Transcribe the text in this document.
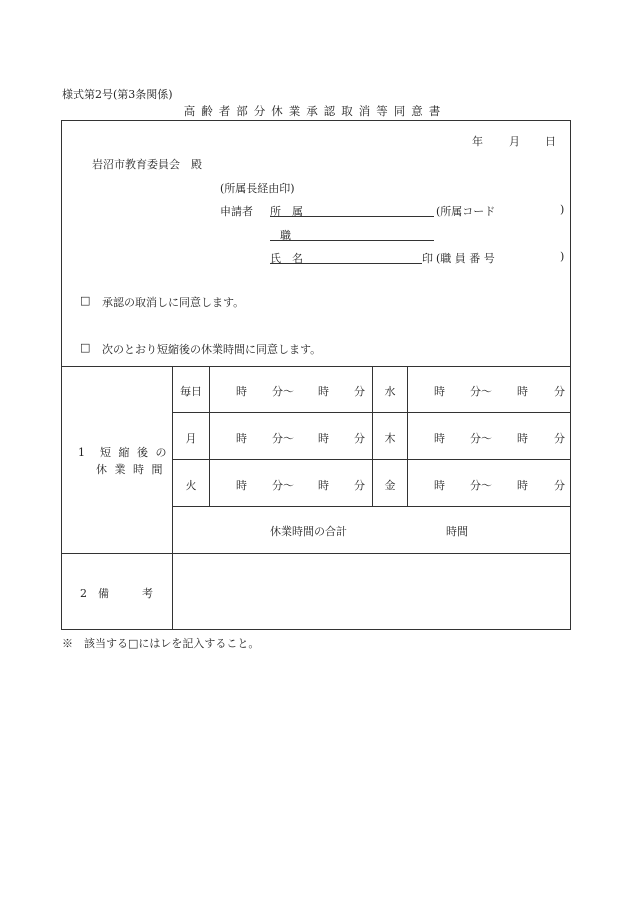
様式第2号(第3条関係)
高齢者部分休業承認取消等同意書
年 月 日
岩沼市教育委員会　殿
(所属長経由印)
申請者 所　属	(所属コード	)
職
氏　名	印 (職 員 番 号	)
□ 承認の取消しに同意します。
□ 次のとおり短縮後の休業時間に同意します。
1　短 縮 後 の
休 業 時 間
毎日	時 分〜 時 分	水	時 分〜 時 分
月	時 分〜 時 分	木	時 分〜 時 分
火	時 分〜 時 分	金	時 分〜 時 分
休業時間の合計	時間
2　備　　　考
※　該当する□にはレを記入すること。
